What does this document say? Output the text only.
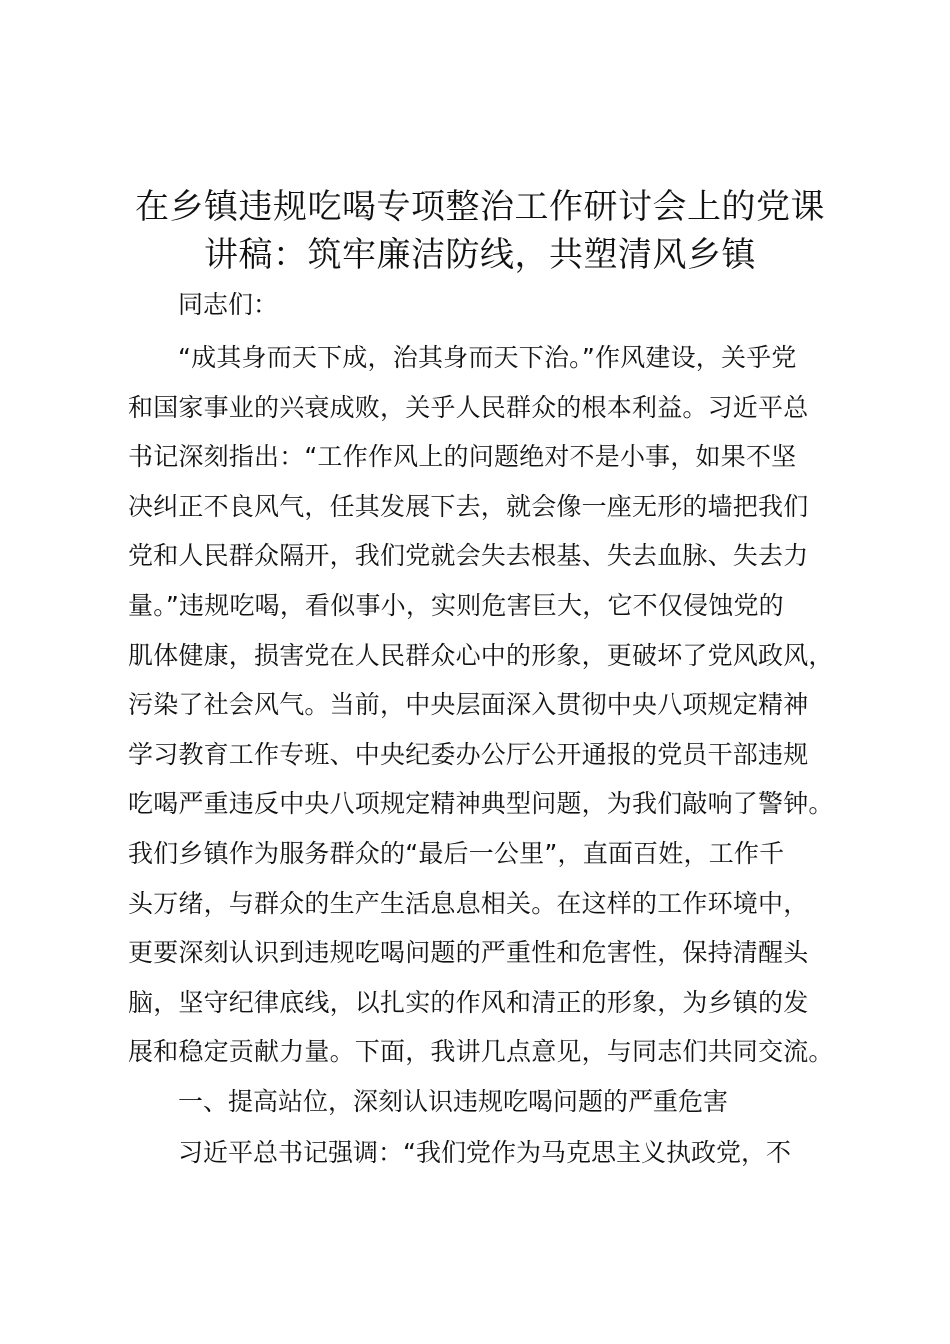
在乡镇违规吃喝专项整治工作研讨会上的党课
讲稿：筑牢廉洁防线，共塑清风乡镇
同志们：
“成其身而天下成，治其身而天下治。”作风建设，关乎党
和国家事业的兴衰成败，关乎人民群众的根本利益。习近平总
书记深刻指出：“工作作风上的问题绝对不是小事，如果不坚
决纠正不良风气，任其发展下去，就会像一座无形的墙把我们
党和人民群众隔开，我们党就会失去根基、失去血脉、失去力
量。”违规吃喝，看似事小，实则危害巨大，它不仅侵蚀党的
肌体健康，损害党在人民群众心中的形象，更破坏了党风政风，
污染了社会风气。当前，中央层面深入贯彻中央八项规定精神
学习教育工作专班、中央纪委办公厅公开通报的党员干部违规
吃喝严重违反中央八项规定精神典型问题，为我们敲响了警钟。
我们乡镇作为服务群众的“最后一公里”，直面百姓，工作千
头万绪，与群众的生产生活息息相关。在这样的工作环境中，
更要深刻认识到违规吃喝问题的严重性和危害性，保持清醒头
脑，坚守纪律底线，以扎实的作风和清正的形象，为乡镇的发
展和稳定贡献力量。下面，我讲几点意见，与同志们共同交流。
一、提高站位，深刻认识违规吃喝问题的严重危害
习近平总书记强调：“我们党作为马克思主义执政党，不
